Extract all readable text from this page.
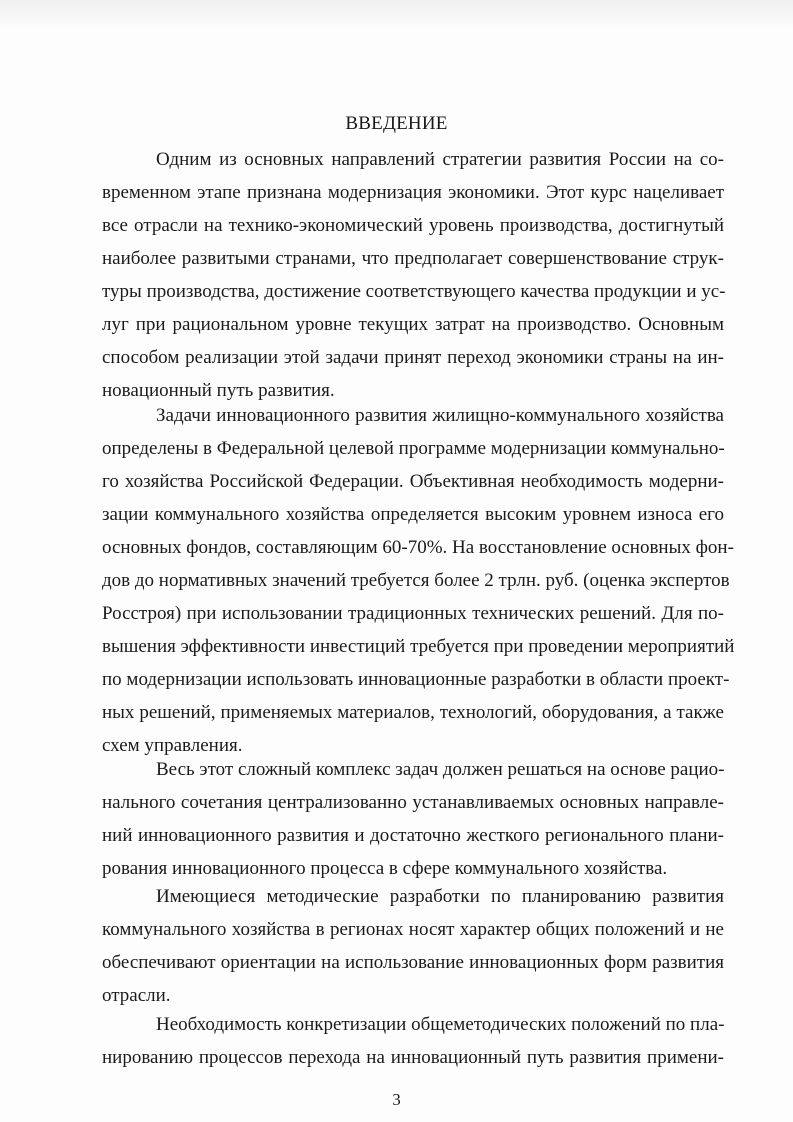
ВВЕДЕНИЕ
Одним из основных направлений стратегии развития России на со-
временном этапе признана модернизация экономики. Этот курс нацеливает
все отрасли на технико-экономический уровень производства, достигнутый
наиболее развитыми странами, что предполагает совершенствование струк-
туры производства, достижение соответствующего качества продукции и ус-
луг при рациональном уровне текущих затрат на производство. Основным
способом реализации этой задачи принят переход экономики страны на ин-
новационный путь развития.
Задачи инновационного развития жилищно-коммунального хозяйства
определены в Федеральной целевой программе модернизации коммунально-
го хозяйства Российской Федерации. Объективная необходимость модерни-
зации коммунального хозяйства определяется высоким уровнем износа его
основных фондов, составляющим 60-70%. На восстановление основных фон-
дов до нормативных значений требуется более 2 трлн. руб. (оценка экспертов
Росстроя) при использовании традиционных технических решений. Для по-
вышения эффективности инвестиций требуется при проведении мероприятий
по модернизации использовать инновационные разработки в области проект-
ных решений, применяемых материалов, технологий, оборудования, а также
схем управления.
Весь этот сложный комплекс задач должен решаться на основе рацио-
нального сочетания централизованно устанавливаемых основных направле-
ний инновационного развития и достаточно жесткого регионального плани-
рования инновационного процесса в сфере коммунального хозяйства.
Имеющиеся методические разработки по планированию развития
коммунального хозяйства в регионах носят характер общих положений и не
обеспечивают ориентации на использование инновационных форм развития
отрасли.
Необходимость конкретизации общеметодических положений по пла-
нированию процессов перехода на инновационный путь развития примени-
3
